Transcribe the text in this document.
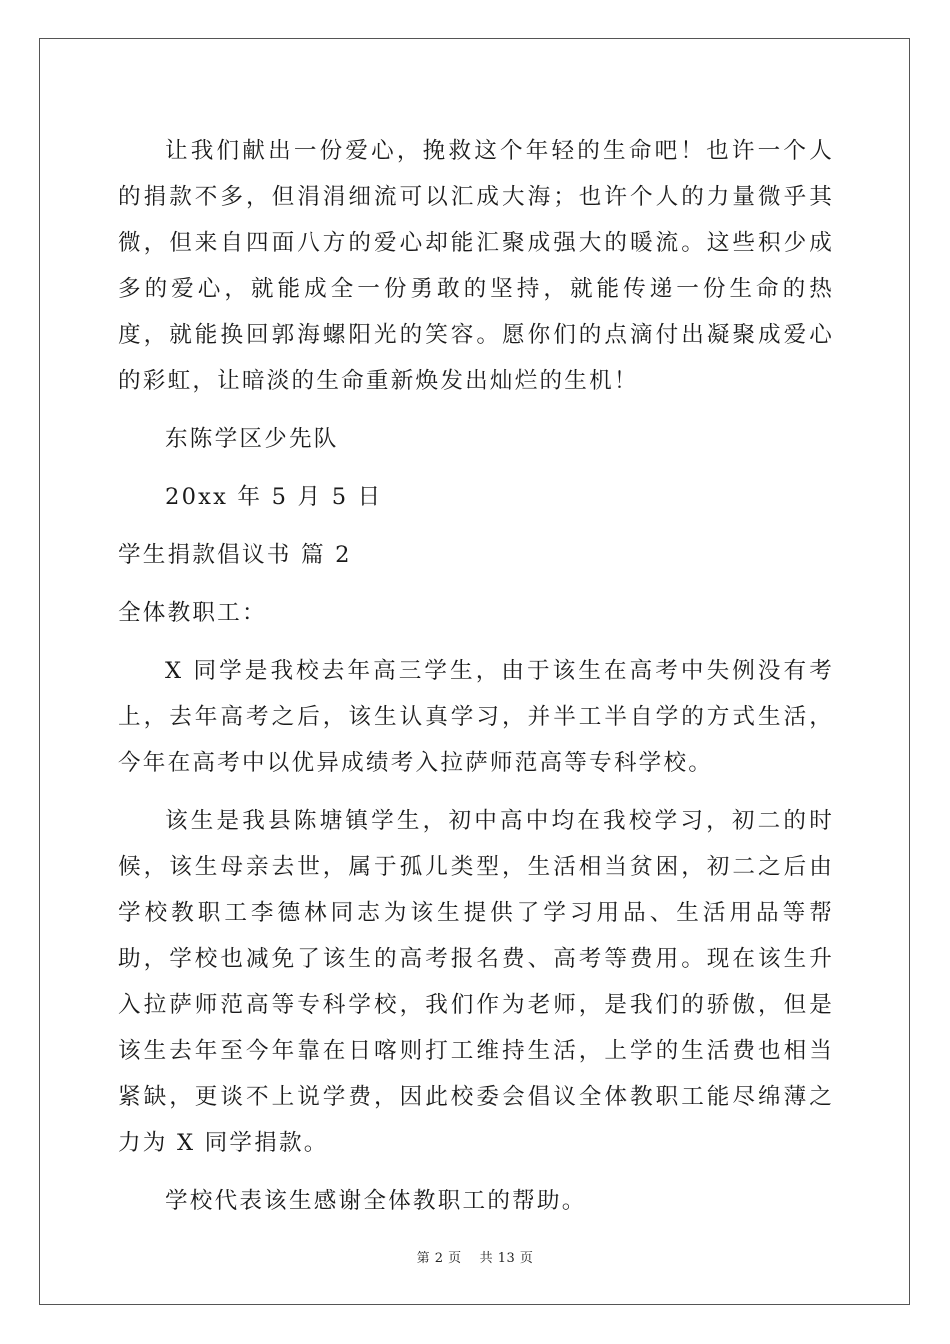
让我们献出一份爱心，挽救这个年轻的生命吧！也许一个人的捐款不多，但涓涓细流可以汇成大海；也许个人的力量微乎其微，但来自四面八方的爱心却能汇聚成强大的暖流。这些积少成多的爱心，就能成全一份勇敢的坚持，就能传递一份生命的热度，就能换回郭海螺阳光的笑容。愿你们的点滴付出凝聚成爱心的彩虹，让暗淡的生命重新焕发出灿烂的生机！

东陈学区少先队

20xx 年 5 月 5 日

学生捐款倡议书 篇 2

全体教职工：

X 同学是我校去年高三学生，由于该生在高考中失例没有考上，去年高考之后，该生认真学习，并半工半自学的方式生活，今年在高考中以优异成绩考入拉萨师范高等专科学校。

该生是我县陈塘镇学生，初中高中均在我校学习，初二的时候，该生母亲去世，属于孤儿类型，生活相当贫困，初二之后由学校教职工李德林同志为该生提供了学习用品、生活用品等帮助，学校也减免了该生的高考报名费、高考等费用。现在该生升入拉萨师范高等专科学校，我们作为老师，是我们的骄傲，但是该生去年至今年靠在日喀则打工维持生活，上学的生活费也相当紧缺，更谈不上说学费，因此校委会倡议全体教职工能尽绵薄之力为 X 同学捐款。

学校代表该生感谢全体教职工的帮助。

第 2 页 共 13 页
